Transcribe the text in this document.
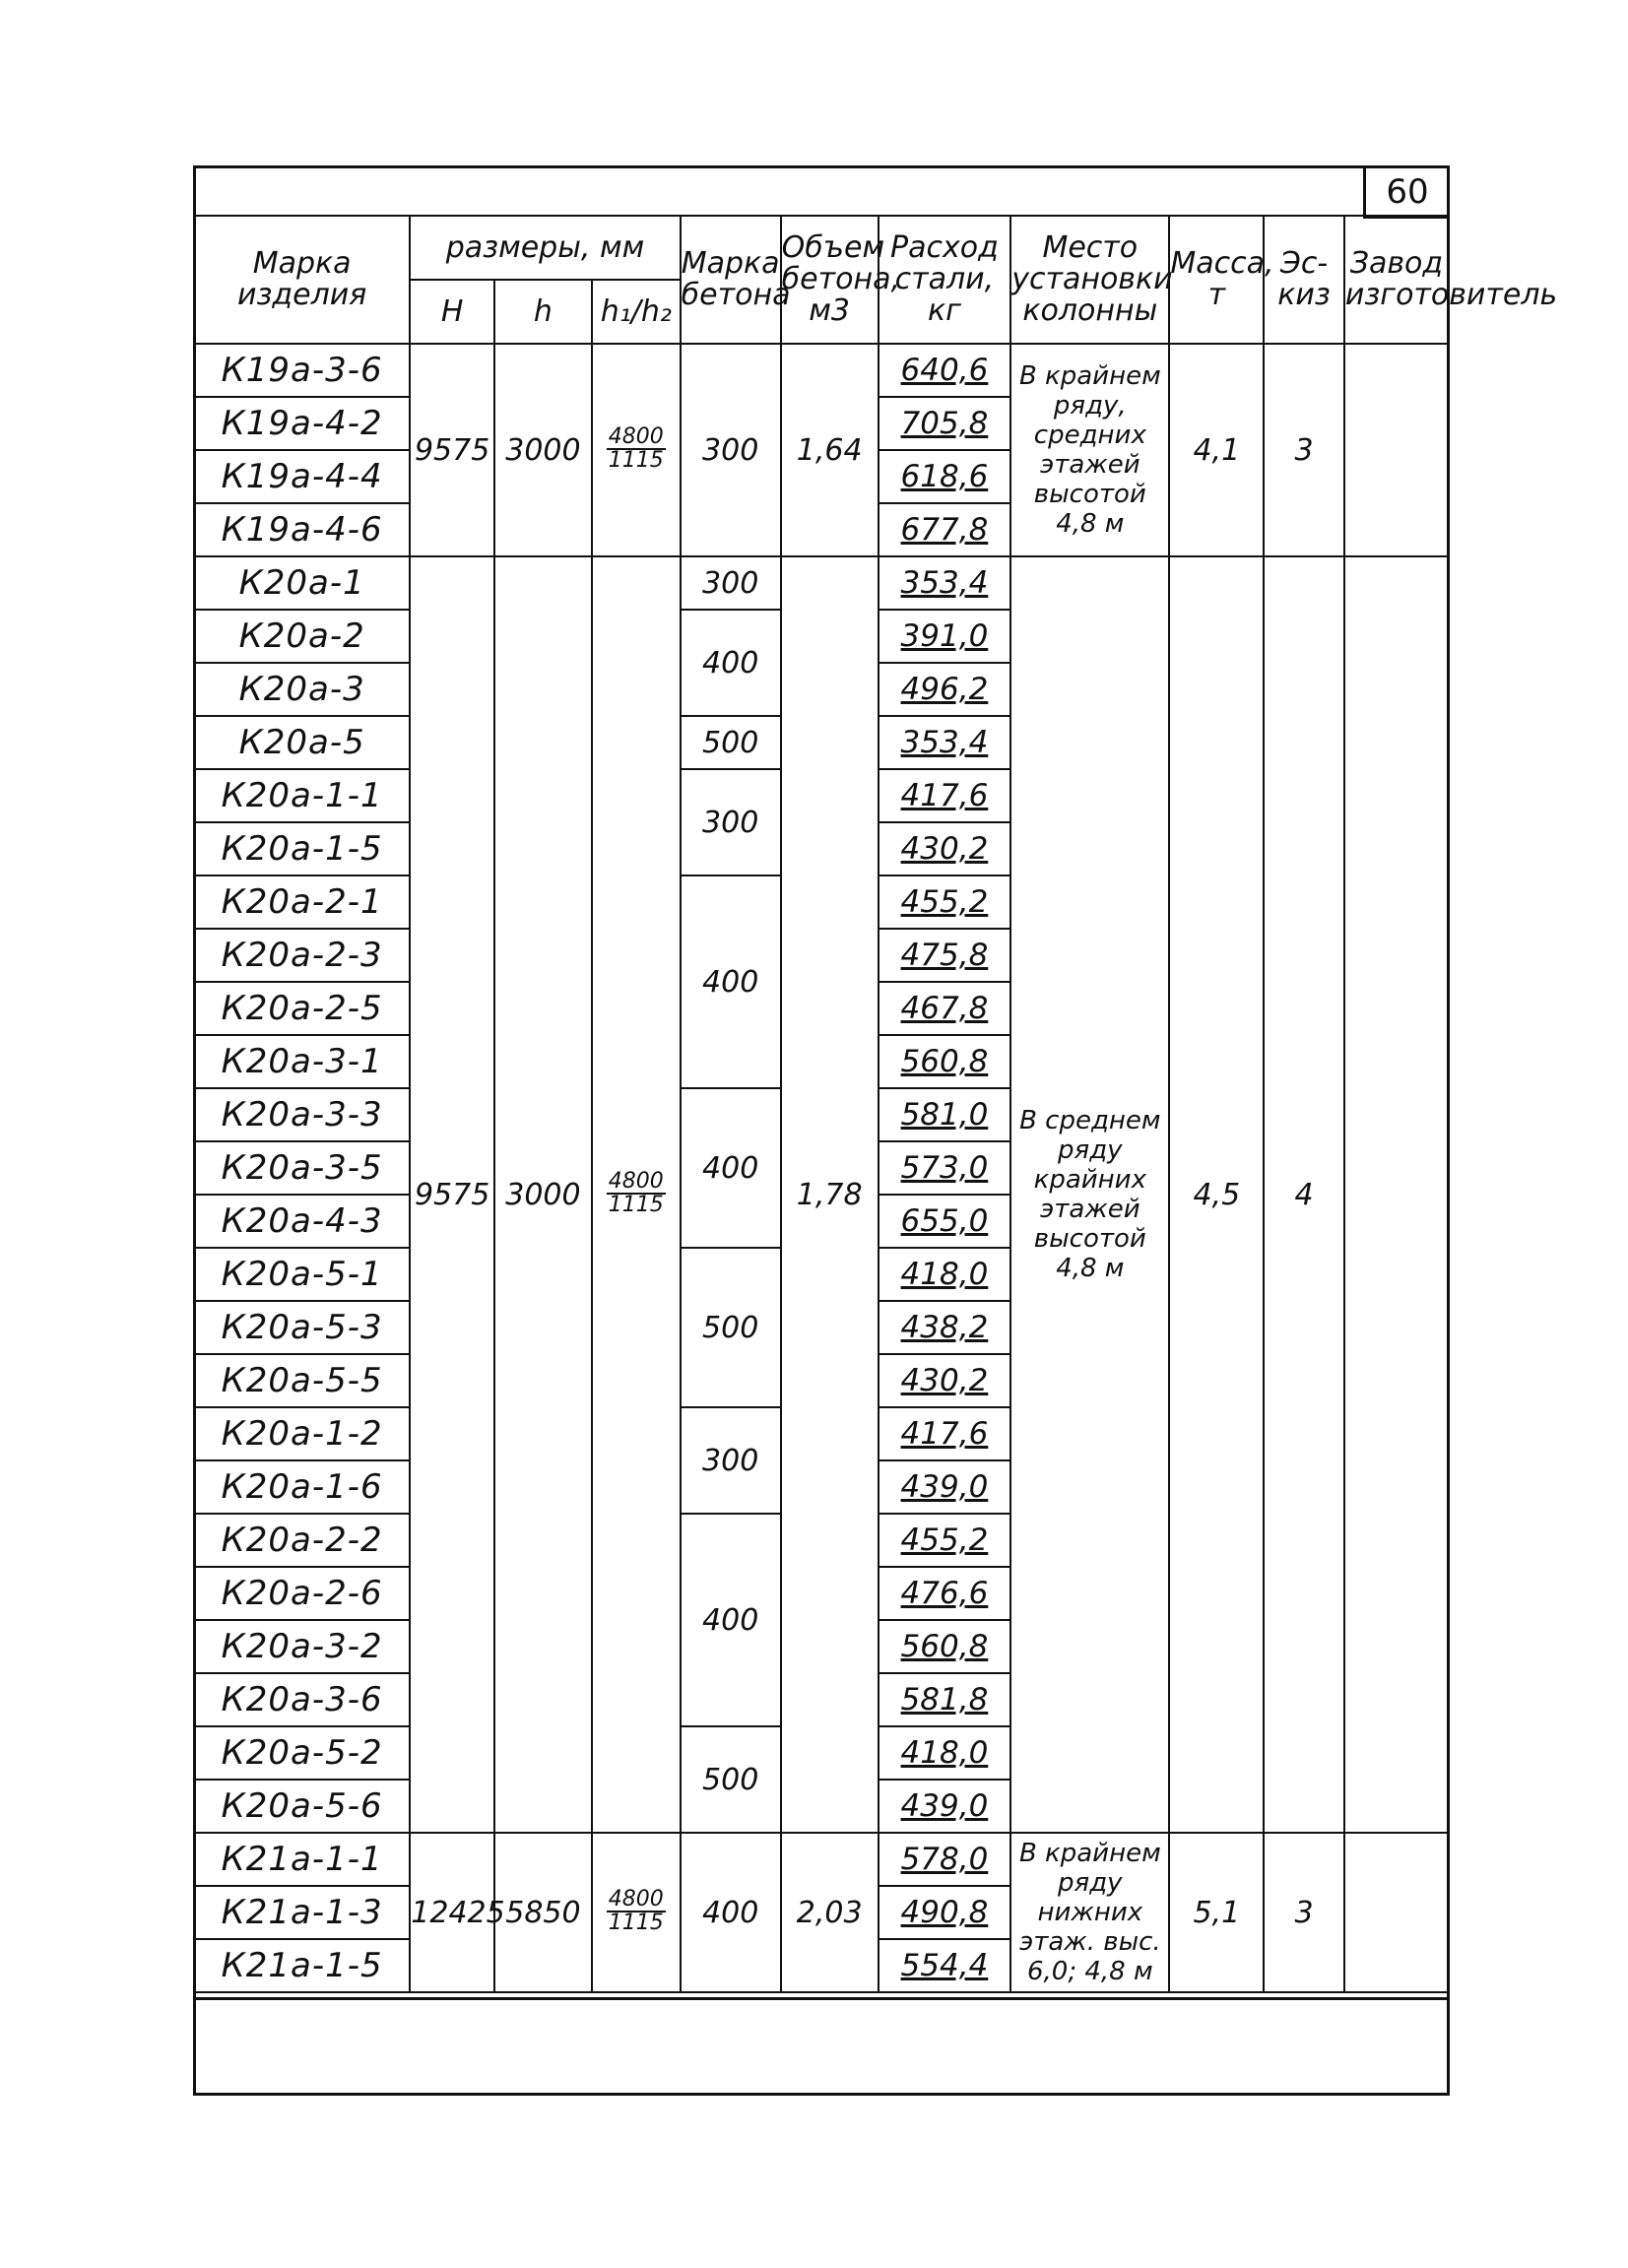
60
Марка изделия	размеры, мм			Марка бетона	Объем бетона, м3	Расход стали, кг	Место установки колонны	Масса, т	Эс-киз	Завод изготовитель
	H	h	h₁/h₂							
К19а-3-6	9575	3000	$\frac{4800}{1115}$	300	1,64	640,6	В крайнем ряду, средних этажей высотой 4,8 м	4,1	3	
К19а-4-2						705,8				
К19а-4-4						618,6				
К19а-4-6						677,8				
К20а-1	9575	3000	$\frac{4800}{1115}$	300	1,78	353,4	В среднем ряду крайних этажей высотой 4,8 м	4,5	4	
К20а-2				400		391,0				
К20а-3						496,2				
К20а-5				500		353,4				
К20а-1-1				300		417,6				
К20а-1-5						430,2				
К20а-2-1				400		455,2				
К20а-2-3						475,8				
К20а-2-5						467,8				
К20а-3-1						560,8				
К20а-3-3				400		581,0				
К20а-3-5						573,0				
К20а-4-3						655,0				
К20а-5-1				500		418,0				
К20а-5-3						438,2				
К20а-5-5						430,2				
К20а-1-2				300		417,6				
К20а-1-6						439,0				
К20а-2-2				400		455,2				
К20а-2-6						476,6				
К20а-3-2						560,8				
К20а-3-6						581,8				
К20а-5-2				500		418,0				
К20а-5-6						439,0				
К21а-1-1	12425	5850	$\frac{4800}{1115}$	400	2,03	578,0	В крайнем ряду нижних этаж. выс. 6,0; 4,8 м	5,1	3	
К21а-1-3						490,8				
К21а-1-5						554,4				
